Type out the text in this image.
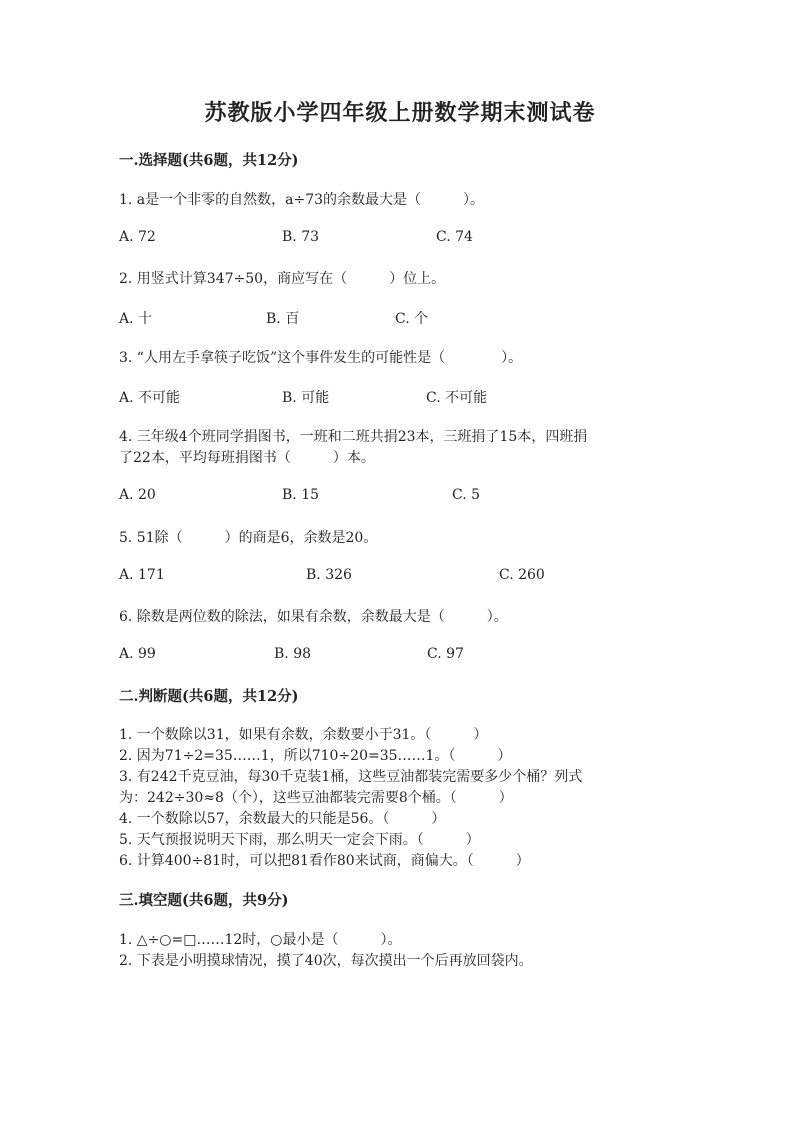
苏教版小学四年级上册数学期末测试卷
一.选择题(共6题，共12分)
1. a是一个非零的自然数，a÷73的余数最大是（　　　）。
A. 72	B. 73	C. 74
2. 用竖式计算347÷50，商应写在（　　　）位上。
A. 十	B. 百	C. 个
3. “人用左手拿筷子吃饭”这个事件发生的可能性是（　　　　）。
A. 不可能	B. 可能	C. 不可能
4. 三年级4个班同学捐图书，一班和二班共捐23本，三班捐了15本，四班捐
了22本，平均每班捐图书（　　　）本。
A. 20	B. 15	C. 5
5. 51除（　　　）的商是6，余数是20。
A. 171	B. 326	C. 260
6. 除数是两位数的除法，如果有余数，余数最大是（　　　）。
A. 99	B. 98	C. 97
二.判断题(共6题，共12分)
1. 一个数除以31，如果有余数，余数要小于31。（　　　）
2. 因为71÷2=35……1，所以710÷20=35……1。（　　　）
3. 有242千克豆油，每30千克装1桶，这些豆油都装完需要多少个桶？列式
为：242÷30≈8（个），这些豆油都装完需要8个桶。（　　　）
4. 一个数除以57，余数最大的只能是56。（　　　）
5. 天气预报说明天下雨，那么明天一定会下雨。（　　　）
6. 计算400÷81时，可以把81看作80来试商，商偏大。（　　　）
三.填空题(共6题，共9分)
1. △÷○=□……12时，○最小是（　　　）。
2. 下表是小明摸球情况，摸了40次，每次摸出一个后再放回袋内。
